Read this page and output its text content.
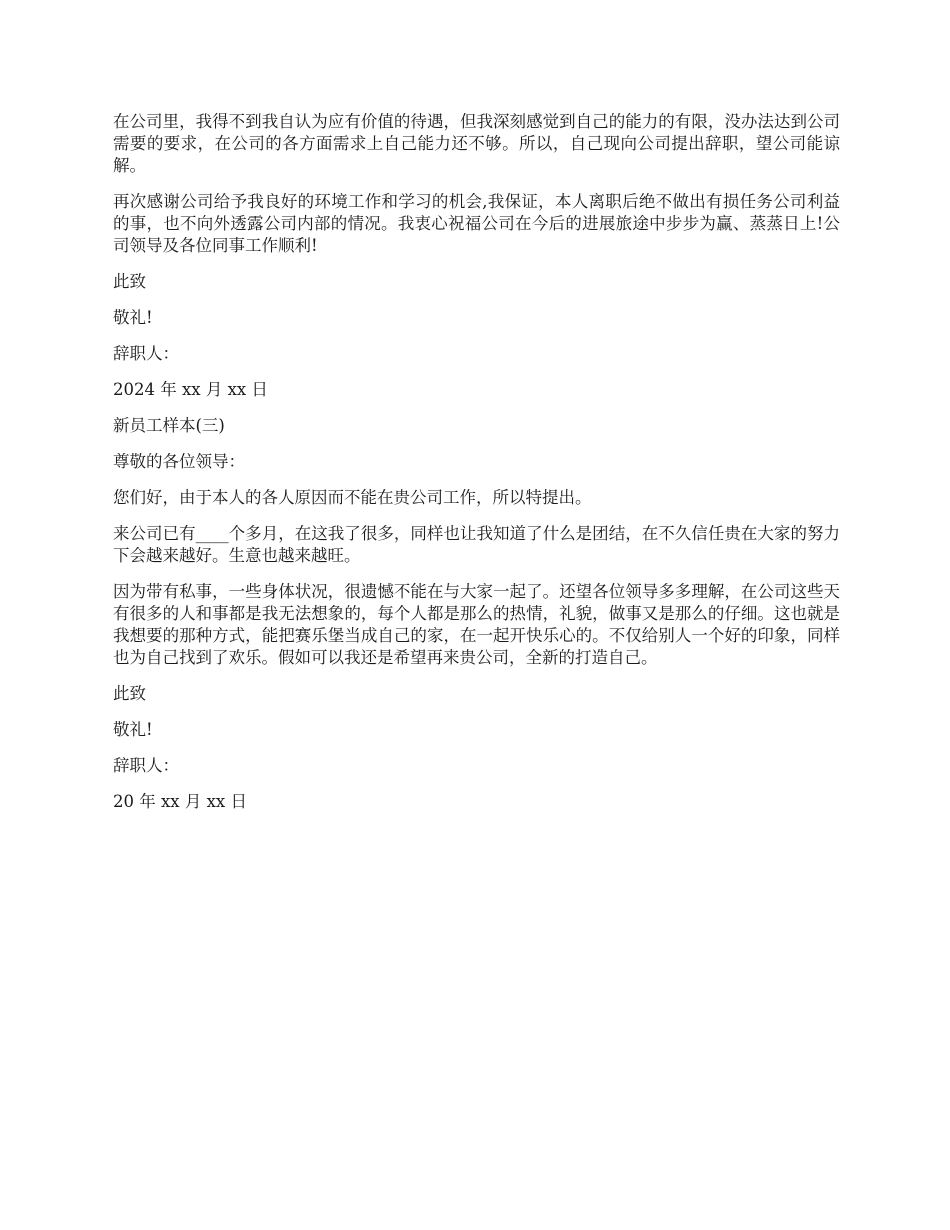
在公司里，我得不到我自认为应有价值的待遇，但我深刻感觉到自己的能力的有限，没办法达到公司需要的要求，在公司的各方面需求上自己能力还不够。所以，自己现向公司提出辞职，望公司能谅解。

再次感谢公司给予我良好的环境工作和学习的机会,我保证，本人离职后绝不做出有损任务公司利益的事，也不向外透露公司内部的情况。我衷心祝福公司在今后的进展旅途中步步为赢、蒸蒸日上!公司领导及各位同事工作顺利!

此致

敬礼!

辞职人：

2024 年 xx 月 xx 日

新员工样本(三)

尊敬的各位领导：

您们好，由于本人的各人原因而不能在贵公司工作，所以特提出。

来公司已有____个多月，在这我了很多，同样也让我知道了什么是团结，在不久信任贵在大家的努力下会越来越好。生意也越来越旺。

因为带有私事，一些身体状况，很遗憾不能在与大家一起了。还望各位领导多多理解，在公司这些天有很多的人和事都是我无法想象的，每个人都是那么的热情，礼貌，做事又是那么的仔细。这也就是我想要的那种方式，能把赛乐堡当成自己的家，在一起开快乐心的。不仅给别人一个好的印象，同样也为自己找到了欢乐。假如可以我还是希望再来贵公司，全新的打造自己。

此致

敬礼!

辞职人：

20 年 xx 月 xx 日
